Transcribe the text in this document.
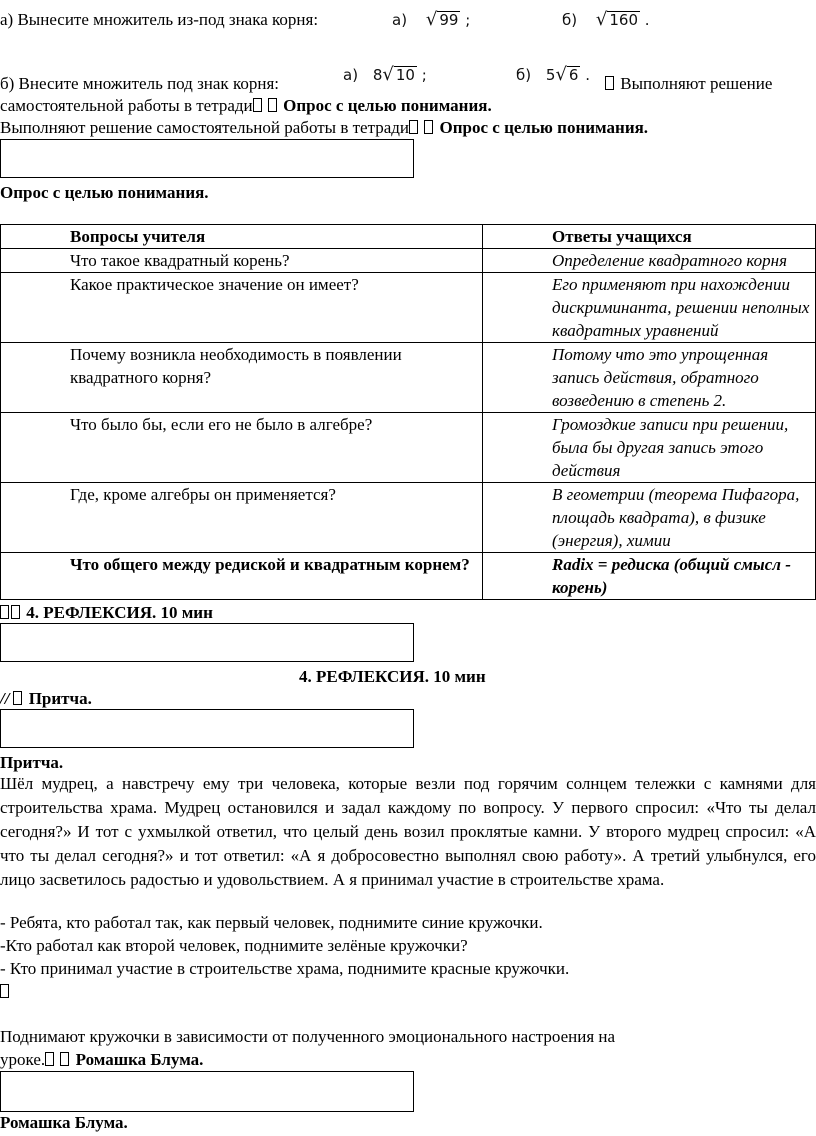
а) Вынесите множитель из-под знака корня:	а) √ 99 ;	б) √ 160 .
б) Внесите множитель под знак корня:	а) 8√ 10 ;	б) 5√ 6 .	Выполняют решение
самостоятельной работы в тетради Опрос с целью понимания.
Выполняют решение самостоятельной работы в тетради Опрос с целью понимания.
Опрос с целью понимания.
Вопросы учителя	Ответы учащихся
Что такое квадратный корень?	Определение квадратного корня
Какое практическое значение он имеет?	Его применяют при нахождении дискриминанта, решении неполных квадратных уравнений
Почему возникла необходимость в появлении квадратного корня?	Потому что это упрощенная запись действия, обратного возведению в степень 2.
Что было бы, если его не было в алгебре?	Громоздкие записи при решении, была бы другая запись этого действия
Где, кроме алгебры он применяется?	В геометрии (теорема Пифагора, площадь квадрата), в физике (энергия), химии
Что общего между редиской и квадратным корнем?	Radix = редиска (общий смысл - корень)
4. РЕФЛЕКСИЯ. 10 мин
4. РЕФЛЕКСИЯ. 10 мин
// Притча.
Притча.
Шёл мудрец, а навстречу ему три человека, которые везли под горячим солнцем тележки с камнями для строительства храма. Мудрец остановился и задал каждому по вопросу. У первого спросил: «Что ты делал сегодня?» И тот с ухмылкой ответил, что целый день возил проклятые камни. У второго мудрец спросил: «А что ты делал сегодня?» и тот ответил: «А я добросовестно выполнял свою работу». А третий улыбнулся, его лицо засветилось радостью и удовольствием. А я принимал участие в строительстве храма.
- Ребята, кто работал так, как первый человек, поднимите синие кружочки.
-Кто работал как второй человек, поднимите зелёные кружочки?
- Кто принимал участие в строительстве храма, поднимите красные кружочки.
Поднимают кружочки в зависимости от полученного эмоционального настроения на
уроке. Ромашка Блума.
Ромашка Блума.
